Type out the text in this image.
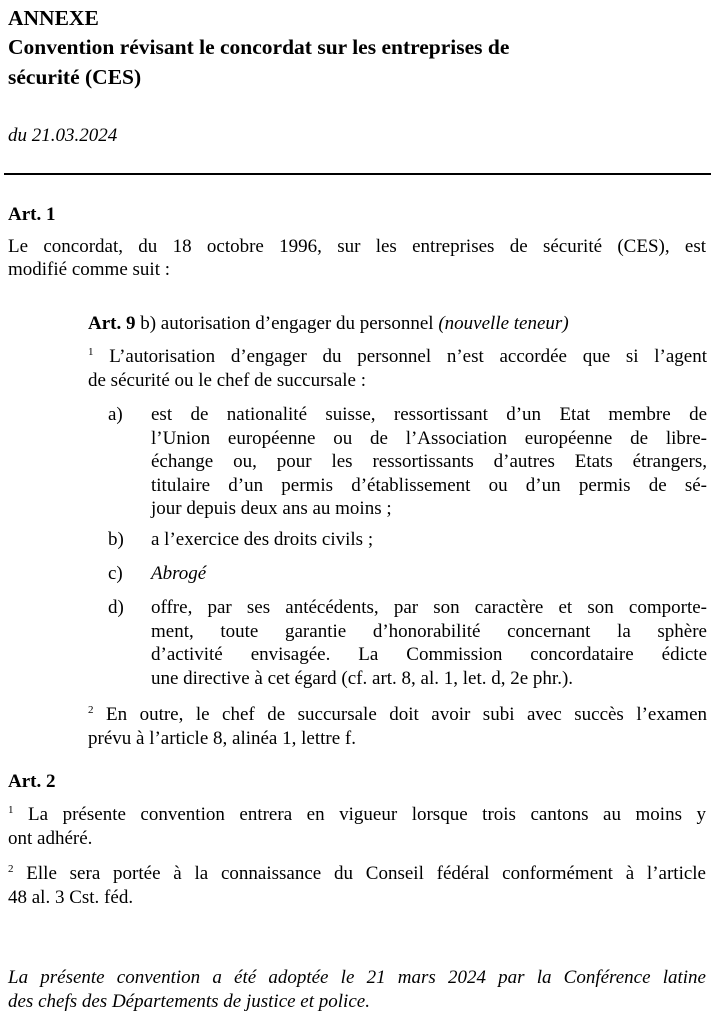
ANNEXE
Convention révisant le concordat sur les entreprises de
sécurité (CES)
du 21.03.2024
Art. 1
Le concordat, du 18 octobre 1996, sur les entreprises de sécurité (CES), est
modifié comme suit :
Art. 9 b) autorisation d’engager du personnel (nouvelle teneur)
$^1$ L’autorisation d’engager du personnel n’est accordée que si l’agent
de sécurité ou le chef de succursale :
a)	est de nationalité suisse, ressortissant d’un Etat membre de
l’Union européenne ou de l’Association européenne de libre-
échange ou, pour les ressortissants d’autres Etats étrangers,
titulaire d’un permis d’établissement ou d’un permis de sé-
jour depuis deux ans au moins ;
b)	a l’exercice des droits civils ;
c)	Abrogé
d)	offre, par ses antécédents, par son caractère et son comporte-
ment, toute garantie d’honorabilité concernant la sphère
d’activité envisagée. La Commission concordataire édicte
une directive à cet égard (cf. art. 8, al. 1, let. d, 2e phr.).
$^2$ En outre, le chef de succursale doit avoir subi avec succès l’examen
prévu à l’article 8, alinéa 1, lettre f.
Art. 2
$^1$ La présente convention entrera en vigueur lorsque trois cantons au moins y
ont adhéré.
$^2$ Elle sera portée à la connaissance du Conseil fédéral conformément à l’article
48 al. 3 Cst. féd.
La présente convention a été adoptée le 21 mars 2024 par la Conférence latine
des chefs des Départements de justice et police.
